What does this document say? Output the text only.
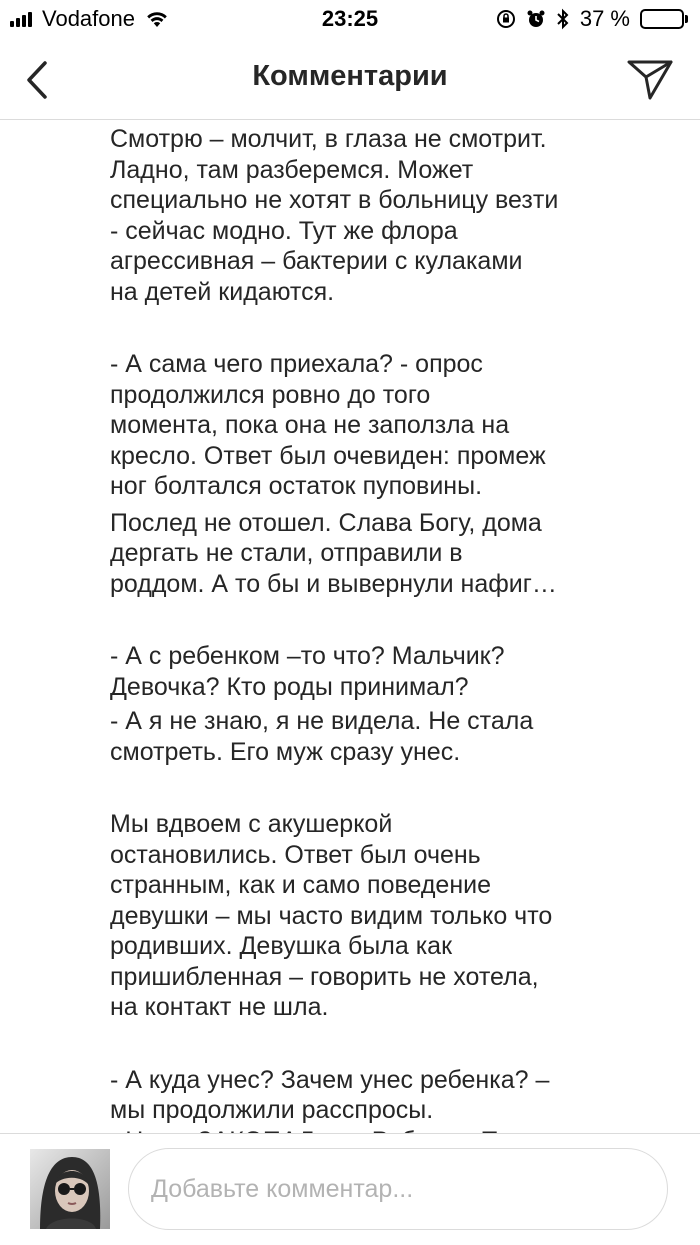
Vodafone	23:25	37 %
Комментарии

Смотрю – молчит, в глаза не смотрит.
Ладно, там разберемся. Может
специально не хотят в больницу везти
- сейчас модно. Тут же флора
агрессивная – бактерии с кулаками
на детей кидаются.

- А сама чего приехала? - опрос
продолжился ровно до того
момента, пока она не заползла на
кресло. Ответ был очевиден: промеж
ног болтался остаток пуповины.

Послед не отошел. Слава Богу, дома
дергать не стали, отправили в
роддом. А то бы и вывернули нафиг…

- А с ребенком –то что? Мальчик?
Девочка? Кто роды принимал?

- А я не знаю, я не видела. Не стала
смотреть. Его муж сразу унес.

Мы вдвоем с акушеркой
остановились. Ответ был очень
странным, как и само поведение
девушки – мы часто видим только что
родивших. Девушка была как
пришибленная – говорить не хотела,
на контакт не шла.

- А куда унес? Зачем унес ребенка? –
мы продолжили расспросы.

Добавьте комментар...
